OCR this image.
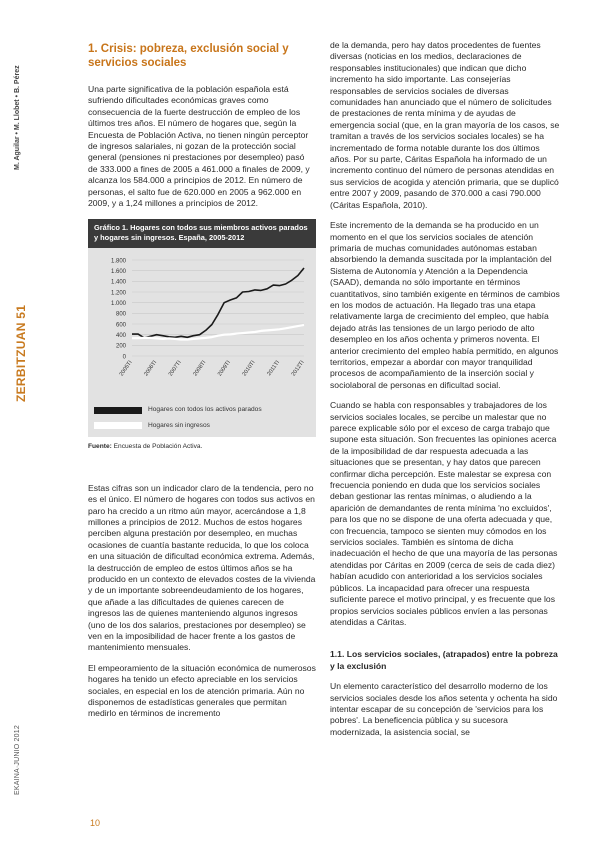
M. Aguilar • M. Llobet • B. Pérez
ZERBITZUAN 51
EKAINA·JUNIO 2012
1. Crisis: pobreza, exclusión social y servicios sociales

Una parte significativa de la población española está sufriendo dificultades económicas graves como consecuencia de la fuerte destrucción de empleo de los últimos tres años. El número de hogares que, según la Encuesta de Población Activa, no tienen ningún perceptor de ingresos salariales, ni gozan de la protección social general (pensiones ni prestaciones por desempleo) pasó de 333.000 a fines de 2005 a 461.000 a finales de 2009, y alcanza los 584.000 a principios de 2012. En número de personas, el salto fue de 620.000 en 2005 a 962.000 en 2009, y a 1,24 millones a principios de 2012.

Gráfico 1. Hogares con todos sus miembros activos parados y hogares sin ingresos. España, 2005-2012
0
200
400
600
800
1.000
1.200
1.400
1.600
1.800
2005TI 2006TI 2007TI 2008TI 2009TI 2010TI 2011TI 2012TI
Hogares con todos los activos parados
Hogares sin ingresos
Fuente: Encuesta de Población Activa.

Estas cifras son un indicador claro de la tendencia, pero no es el único. El número de hogares con todos sus activos en paro ha crecido a un ritmo aún mayor, acercándose a 1,8 millones a principios de 2012. Muchos de estos hogares perciben alguna prestación por desempleo, en muchas ocasiones de cuantía bastante reducida, lo que los coloca en una situación de dificultad económica extrema. Además, la destrucción de empleo de estos últimos años se ha producido en un contexto de elevados costes de la vivienda y de un importante sobreendeudamiento de los hogares, que añade a las dificultades de quienes carecen de ingresos las de quienes manteniendo algunos ingresos (uno de los dos salarios, prestaciones por desempleo) se ven en la imposibilidad de hacer frente a los gastos de mantenimiento mensuales.

El empeoramiento de la situación económica de numerosos hogares ha tenido un efecto apreciable en los servicios sociales, en especial en los de atención primaria. Aún no disponemos de estadísticas generales que permitan medirlo en términos de incremento

de la demanda, pero hay datos procedentes de fuentes diversas (noticias en los medios, declaraciones de responsables institucionales) que indican que dicho incremento ha sido importante. Las consejerías responsables de servicios sociales de diversas comunidades han anunciado que el número de solicitudes de prestaciones de renta mínima y de ayudas de emergencia social (que, en la gran mayoría de los casos, se tramitan a través de los servicios sociales locales) se ha incrementado de forma notable durante los dos últimos años. Por su parte, Cáritas Española ha informado de un incremento continuo del número de personas atendidas en sus servicios de acogida y atención primaria, que se duplicó entre 2007 y 2009, pasando de 370.000 a casi 790.000 (Cáritas Española, 2010).

Este incremento de la demanda se ha producido en un momento en el que los servicios sociales de atención primaria de muchas comunidades autónomas estaban absorbiendo la demanda suscitada por la implantación del Sistema de Autonomía y Atención a la Dependencia (SAAD), demanda no sólo importante en términos cuantitativos, sino también exigente en términos de cambios en los modos de actuación. Ha llegado tras una etapa relativamente larga de crecimiento del empleo, que había dejado atrás las tensiones de un largo periodo de alto desempleo en los años ochenta y primeros noventa. El anterior crecimiento del empleo había permitido, en algunos territorios, empezar a abordar con mayor tranquilidad procesos de acompañamiento de la inserción social y sociolaboral de personas en dificultad social.

Cuando se habla con responsables y trabajadores de los servicios sociales locales, se percibe un malestar que no parece explicable sólo por el exceso de carga trabajo que supone esta situación. Son frecuentes las opiniones acerca de la imposibilidad de dar respuesta adecuada a las situaciones que se presentan, y hay datos que parecen confirmar dicha percepción. Este malestar se expresa con frecuencia poniendo en duda que los servicios sociales deban gestionar las rentas mínimas, o aludiendo a la aparición de demandantes de renta mínima 'no excluidos', para los que no se dispone de una oferta adecuada y que, con frecuencia, tampoco se sienten muy cómodos en los servicios sociales. También es síntoma de dicha inadecuación el hecho de que una mayoría de las personas atendidas por Cáritas en 2009 (cerca de seis de cada diez) habían acudido con anterioridad a los servicios sociales públicos. La incapacidad para ofrecer una respuesta suficiente parece el motivo principal, y es frecuente que los propios servicios sociales públicos envíen a las personas atendidas a Cáritas.

1.1. Los servicios sociales, (atrapados) entre la pobreza y la exclusión

Un elemento característico del desarrollo moderno de los servicios sociales desde los años setenta y ochenta ha sido intentar escapar de su concepción de 'servicios para los pobres'. La beneficencia pública y su sucesora modernizada, la asistencia social, se

10
